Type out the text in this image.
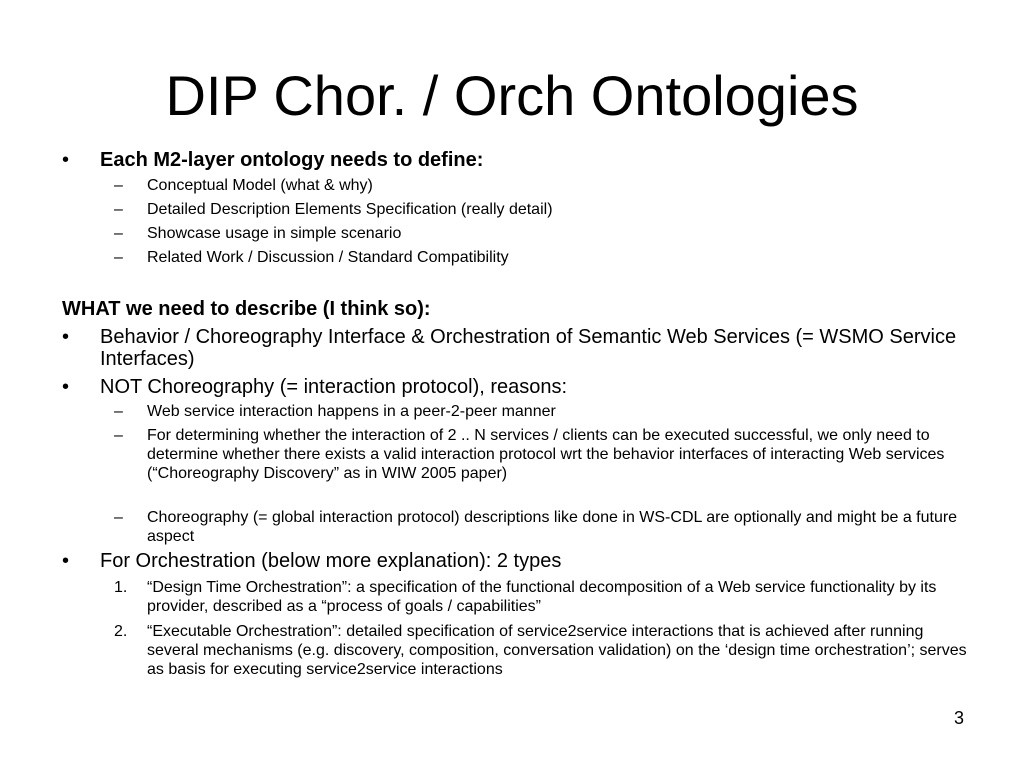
DIP Chor. / Orch Ontologies
• Each M2-layer ontology needs to define:
– Conceptual Model (what & why)
– Detailed Description Elements Specification (really detail)
– Showcase usage in simple scenario
– Related Work / Discussion / Standard Compatibility
WHAT we need to describe (I think so):
• Behavior / Choreography Interface & Orchestration of Semantic Web Services (= WSMO Service Interfaces)
• NOT Choreography (= interaction protocol), reasons:
– Web service interaction happens in a peer-2-peer manner
– For determining whether the interaction of 2 .. N services / clients can be executed successful, we only need to determine whether there exists a valid interaction protocol wrt the behavior interfaces of interacting Web services (“Choreography Discovery” as in WIW 2005 paper)
– Choreography (= global interaction protocol) descriptions like done in WS-CDL are optionally and might be a future aspect
• For Orchestration (below more explanation): 2 types
1. “Design Time Orchestration”: a specification of the functional decomposition of a Web service functionality by its provider, described as a “process of goals / capabilities”
2. “Executable Orchestration”: detailed specification of service2service interactions that is achieved after running several mechanisms (e.g. discovery, composition, conversation validation) on the ‘design time orchestration’; serves as basis for executing service2service interactions
3
